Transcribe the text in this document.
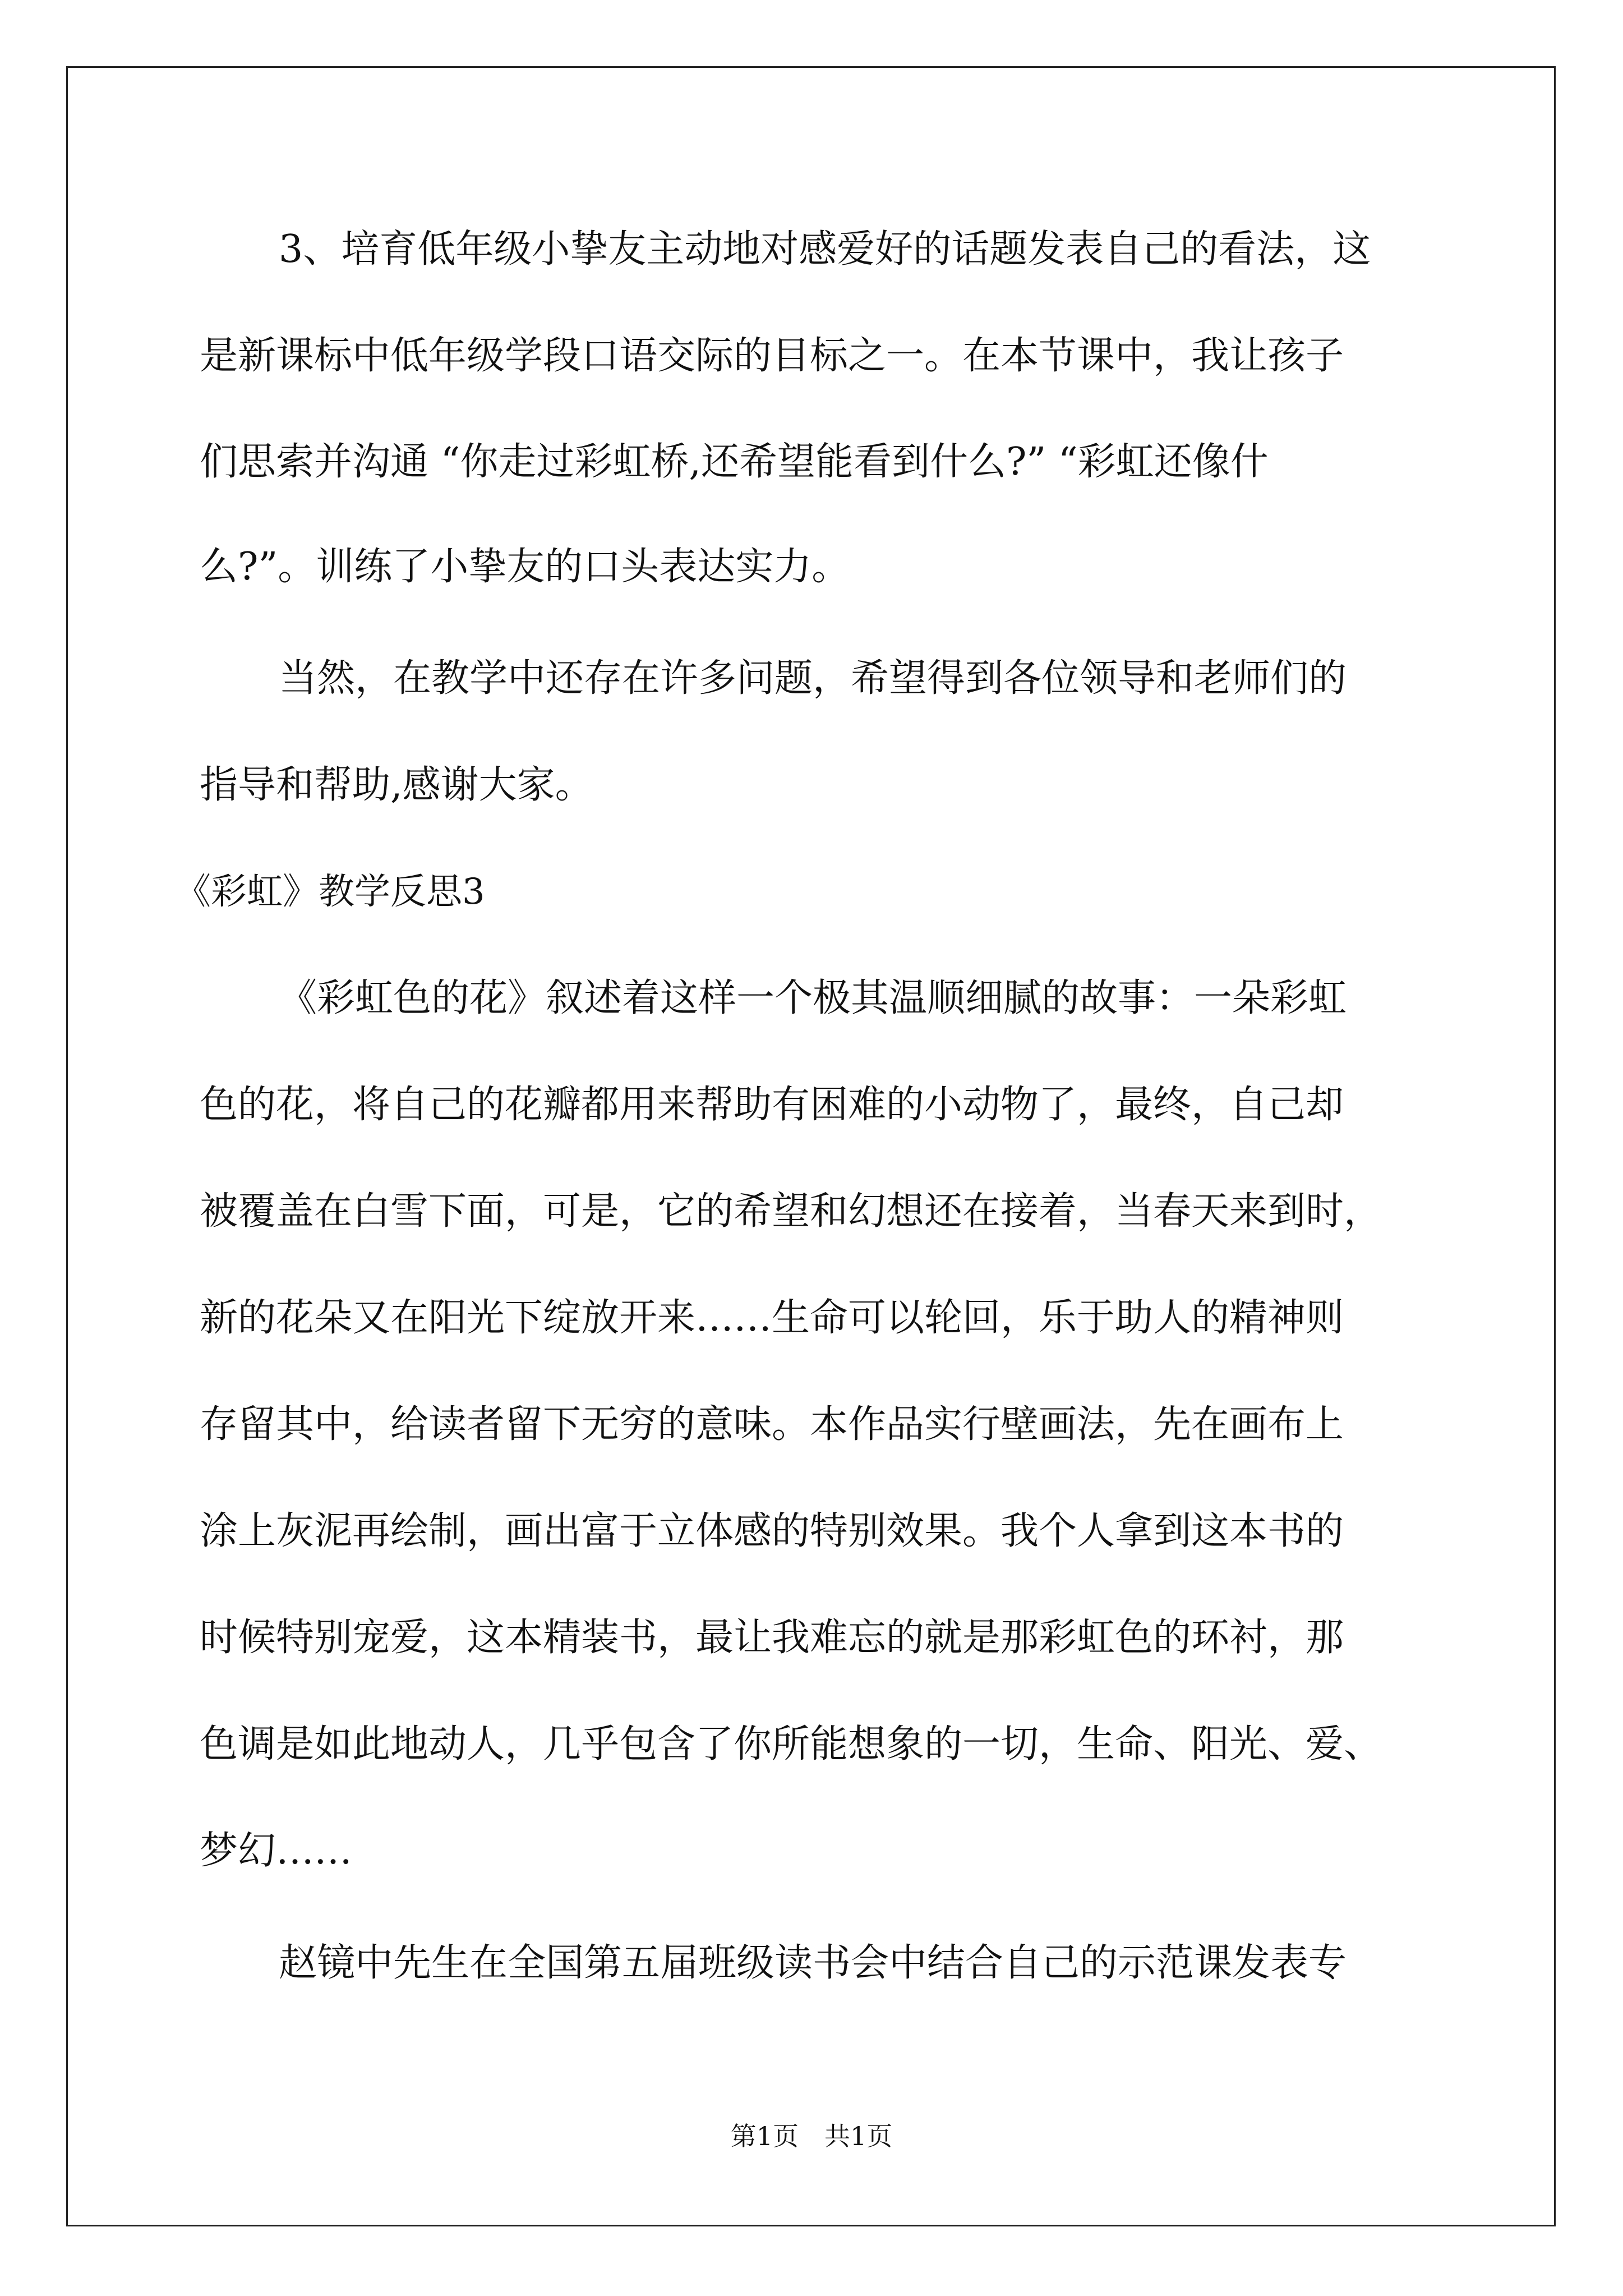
3、培育低年级小挚友主动地对感爱好的话题发表自己的看法，这

是新课标中低年级学段口语交际的目标之一。在本节课中，我让孩子

们思索并沟通 “你走过彩虹桥,还希望能看到什么?” “彩虹还像什

么?”。训练了小挚友的口头表达实力。

当然，在教学中还存在许多问题，希望得到各位领导和老师们的

指导和帮助,感谢大家。

《彩虹》教学反思3

《彩虹色的花》叙述着这样一个极其温顺细腻的故事：一朵彩虹

色的花，将自己的花瓣都用来帮助有困难的小动物了，最终，自己却

被覆盖在白雪下面，可是，它的希望和幻想还在接着，当春天来到时，

新的花朵又在阳光下绽放开来……生命可以轮回，乐于助人的精神则

存留其中，给读者留下无穷的意味。本作品实行壁画法，先在画布上

涂上灰泥再绘制，画出富于立体感的特别效果。我个人拿到这本书的

时候特别宠爱，这本精装书，最让我难忘的就是那彩虹色的环衬，那

色调是如此地动人，几乎包含了你所能想象的一切，生命、阳光、爱、

梦幻……

赵镜中先生在全国第五届班级读书会中结合自己的示范课发表专

第1页　共1页
